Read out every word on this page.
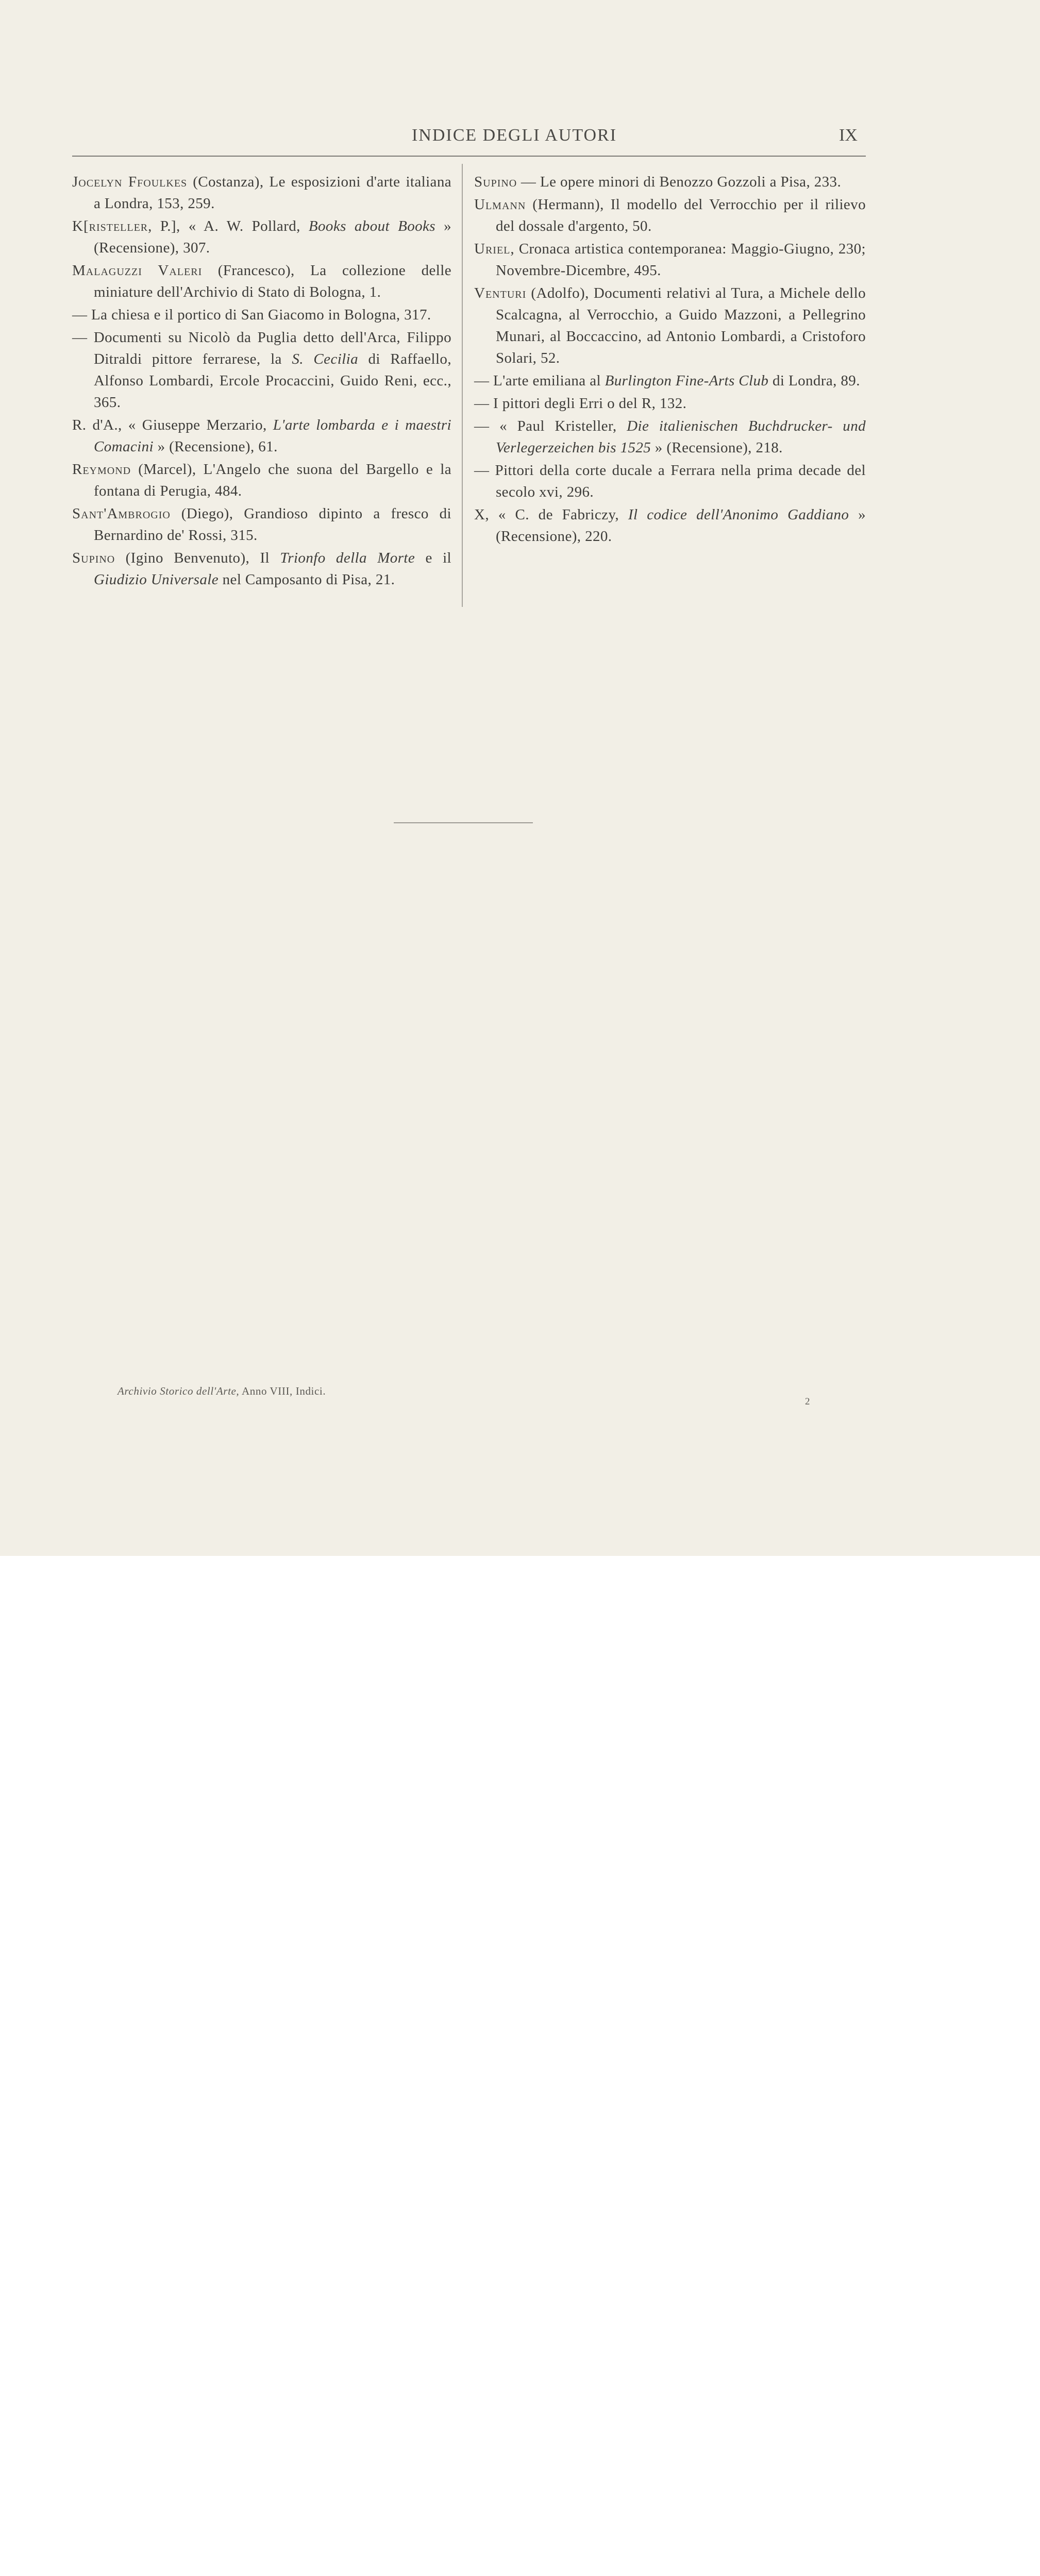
INDICE DEGLI AUTORI	IX

Jocelyn Ffoulkes (Costanza), Le esposizioni d'arte italiana a Londra, 153, 259.

K[risteller, P.], « A. W. Pollard, Books about Books » (Recensione), 307.

Malaguzzi Valeri (Francesco), La collezione delle miniature dell'Archivio di Stato di Bologna, 1.

— La chiesa e il portico di San Giacomo in Bologna, 317.

— Documenti su Nicolò da Puglia detto dell'Arca, Filippo Ditraldi pittore ferrarese, la S. Cecilia di Raffaello, Alfonso Lombardi, Ercole Procaccini, Guido Reni, ecc., 365.

R. d'A., « Giuseppe Merzario, L'arte lombarda e i maestri Comacini » (Recensione), 61.

Reymond (Marcel), L'Angelo che suona del Bargello e la fontana di Perugia, 484.

Sant'Ambrogio (Diego), Grandioso dipinto a fresco di Bernardino de' Rossi, 315.

Supino (Igino Benvenuto), Il Trionfo della Morte e il Giudizio Universale nel Camposanto di Pisa, 21.

Supino — Le opere minori di Benozzo Gozzoli a Pisa, 233.

Ulmann (Hermann), Il modello del Verrocchio per il rilievo del dossale d'argento, 50.

Uriel, Cronaca artistica contemporanea: Maggio-Giugno, 230; Novembre-Dicembre, 495.

Venturi (Adolfo), Documenti relativi al Tura, a Michele dello Scalcagna, al Verrocchio, a Guido Mazzoni, a Pellegrino Munari, al Boccaccino, ad Antonio Lombardi, a Cristoforo Solari, 52.

— L'arte emiliana al Burlington Fine-Arts Club di Londra, 89.

— I pittori degli Erri o del R, 132.

— « Paul Kristeller, Die italienischen Buchdrucker- und Verlegerzeichen bis 1525 » (Recensione), 218.

— Pittori della corte ducale a Ferrara nella prima decade del secolo xvi, 296.

X, « C. de Fabriczy, Il codice dell'Anonimo Gaddiano » (Recensione), 220.

Archivio Storico dell'Arte, Anno VIII, Indici.
2
